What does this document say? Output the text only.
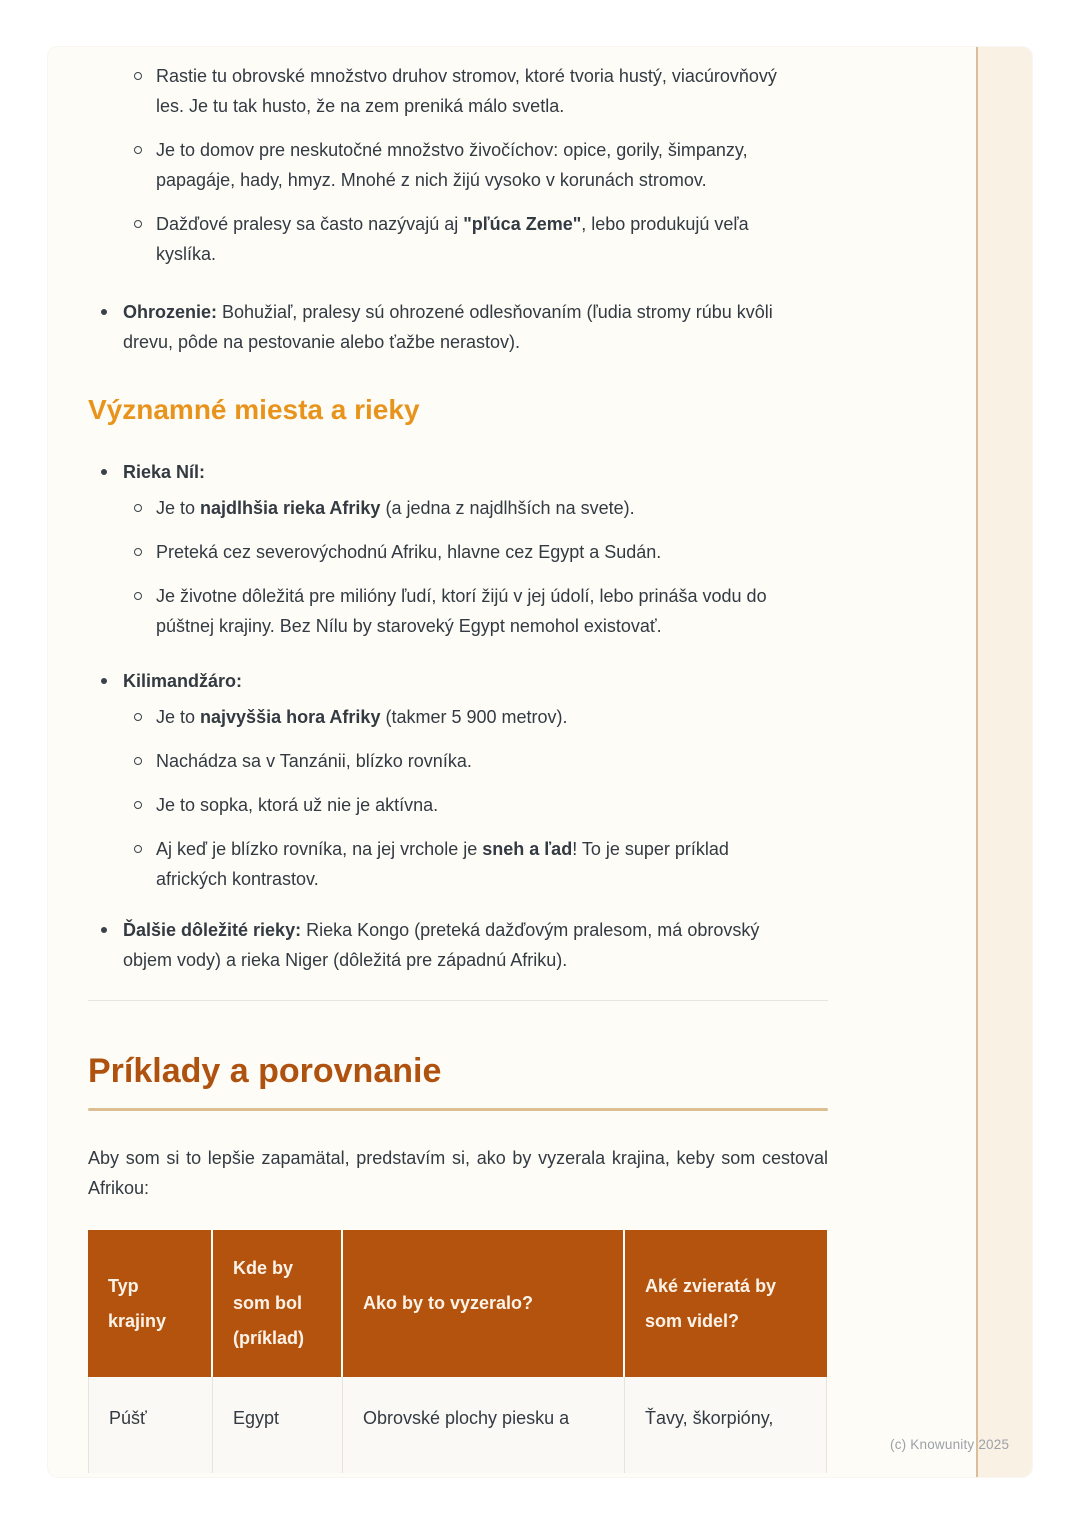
Rastie tu obrovské množstvo druhov stromov, ktoré tvoria hustý, viacúrovňový les. Je tu tak husto, že na zem preniká málo svetla.
Je to domov pre neskutočné množstvo živočíchov: opice, gorily, šimpanzy, papagáje, hady, hmyz. Mnohé z nich žijú vysoko v korunách stromov.
Dažďové pralesy sa často nazývajú aj "pľúca Zeme", lebo produkujú veľa kyslíka.
Ohrozenie: Bohužiaľ, pralesy sú ohrozené odlesňovaním (ľudia stromy rúbu kvôli drevu, pôde na pestovanie alebo ťažbe nerastov).
Významné miesta a rieky
Rieka Níl:
Je to najdlhšia rieka Afriky (a jedna z najdlhších na svete).
Preteká cez severovýchodnú Afriku, hlavne cez Egypt a Sudán.
Je životne dôležitá pre milióny ľudí, ktorí žijú v jej údolí, lebo prináša vodu do púštnej krajiny. Bez Nílu by staroveký Egypt nemohol existovať.
Kilimandžáro:
Je to najvyššia hora Afriky (takmer 5 900 metrov).
Nachádza sa v Tanzánii, blízko rovníka.
Je to sopka, ktorá už nie je aktívna.
Aj keď je blízko rovníka, na jej vrchole je sneh a ľad! To je super príklad afrických kontrastov.
Ďalšie dôležité rieky: Rieka Kongo (preteká dažďovým pralesom, má obrovský objem vody) a rieka Niger (dôležitá pre západnú Afriku).
Príklady a porovnanie

Aby som si to lepšie zapamätal, predstavím si, ako by vyzerala krajina, keby som cestoval Afrikou:

Typ krajiny	Kde by som bol (príklad)	Ako by to vyzeralo?	Aké zvieratá by som videl?
Púšť	Egypt	Obrovské plochy piesku a	Ťavy, škorpióny,
(c) Knowunity 2025
